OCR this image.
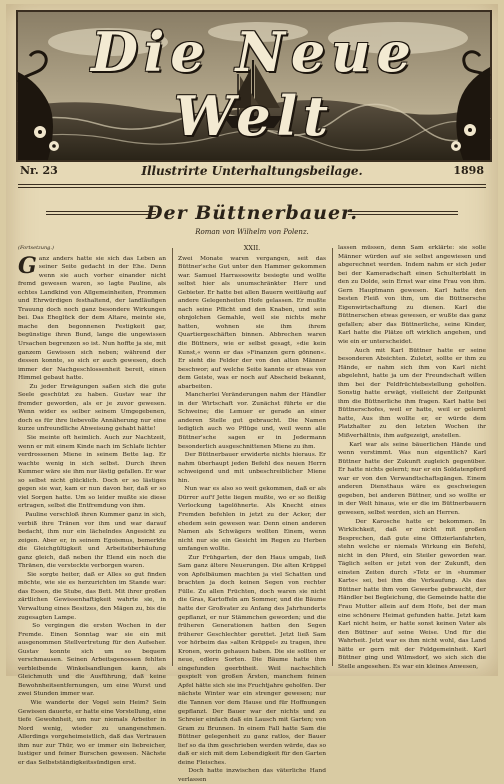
Die Neue Welt
Illustrirte Unterhaltungsbeilage.
Nr. 23	1898
Der Büttnerbauer.
Roman von Wilhelm von Polenz.
(Fortsetzung.)
G anz anders hatte sie sich das Leben an seiner Seite gedacht in der Ehe. Denn wenn sie auch vorher einander nicht fremd gewesen waren, so lagte Pauline, als echtes Landkind von Allgemeinheiten, Frommen und Ehrwürdigen festhaltend, der landläufigen Trauung doch noch ganz besondere Wirkungen bei. Das Eheglück der dem Altare, meinte sie, mache den begonnenen Festigkeit gar, begünstige ihren Bund, lange die ungewissen Ursachen begrenzen so ist. Nun hoffte ja sie, mit ganzem Gewissen sich neben; während der dessen konnte, so sich er auch gewesen, doch immer der Nachgeschlossenheit bereit, einen Himmel gebaut hatte.
Zu jeder Erwägungen saßen sich die gute Seele geschützt zu haben. Gustav war ihr fremder geworden, als er je zuvor gewesen. Wenn wider es selber seinem Umgegebenen, doch es für ihre liebevolle Annäherung nur eine kurze unfreundliche Abweisung gehabt hätte!
Sie meinte oft heimlich. Auch zur Nachtzeit, wenn er mit einem Kinde nach im Schlafe lichter verdrossenen Miene in seinem Bette lag. Er wachte wenig in sich selbst. Durch ihren Kummer wäre sie ihm nur lästig gefallen. Er war so selbst nicht glücklich. Doch er so lästiges gegen sie war, kam er nun davon her, daß er so viel Sorgen hatte. Um so leider mußte sie diese ertragen, selbst die Entfremdung von ihm.
Pauline verschloß ihren Kummer ganz in sich, verbiß ihre Tränen vor ihm und war darauf bedacht, ihm nur ein lächelndes Angesicht zu zeigen. Aber er, in seinem Egoismus, bemerkte die Gleichgültigkeit und Arbeitsüberhäufung ganz gleich, daß neben ihr Elend ein noch die Thränen, die versteckte verborgen waren.
Sie sorgte heiter, daß er Alles so gut finden möchte, wie sie es herzurichten im Stande war: das Essen, die Stube, das Bett. Mit ihrer großen zärtlichen Gewissenhaftigkeit wahrte sie, in Verwaltung eines Besitzes, den Mägen zu, bis die zugesagten Lampe.
So vergingen die ersten Wochen in der Fremde. Einen Sonntag war sie ein mit ausgenommen Stellvertretung für den Aufseher. Gustav konnte sich um so bequem verschmausen. Seinen Arbeitsgenossen fehlten verbleibende Winkelsandlungen kann, als Gleichmuth und die Ausführung, daß keine Bewohnheitsentfernungen, um eine Wurst und zwei Stunden immer war.
Wie wanderte der Vogel sein Heim? Sein Gewissen dauerte, er hatte eine Vorstellung, eine tiefe Gewohnheit, um nur niemals Arbeiter in Nord wenig, wieder zu unangenehmen. Allerdings vorgeheimeistlich, daß das Vertrauen ihm nur zur Thür, wo er immer ein liebreicher, lustiger und feiner Burschen gewesen. Nächste er das Selbstständigkeitssündigen erst.
XXII.
Zwei Monate waren vergangen, seit das Büttner'sche Gut unter den Hammer gekommen war. Samuel Harrassowitz besiegte und wollte selbst hier als unumschränkter Herr und Gebieter. Er hatte bei allen Bauern weitläufig auf andere Gelegenheiten Hofe gelassen. Er mußte nach seine Pflicht und den Knaben, und sein ohnjolchen Gemahle, weil sie nichts mehr hatten, wohnen sie ihm ihrem Quartiergeschäften binnen. Abbrechen waren die Büttners, wie er selbst gesagt, »die kein Kunst,« wenn er das »Finanzen gern gönnen«. Er sieht die Felder der von den alten Männer beschwor; auf welche Seite kannte er etwas von dem Geiste, was er noch auf Abscheid bekannt, abarbeiten.
Mancherlei Veränderungen nahm der Händler in der Wirtschaft vor. Zunächst führte er die Schweine; die Lemuer er gerade an einer anderen Stelle gut gebraucht. Die Namen lediglich auch wo Pflüge und, weil wenn alle Büttner'sche sagen er in Jedermann besonderlich ausgeschnittenen Miene zu ihm.
Der Büttnerbauer erwiderte nichts hieraus. Er nahm überhaupt jeden Befehl des neuen Herrn schweigend und mit unbeschreiblicher Miene hin.
Nun war es also so weit gekommen, daß er als Dürrer auf'f Jette liegen mußte, wo er so fleißig Verlockung tagelöhnerte. Als Knecht eines Fremden befehlen in jetzt zu der Acker, der ehedem sein gewesen war. Denn einen anderen Namen als Schwägers wollten Einem, wenn nicht nur sie ein Gesicht im Regen zu Herben umfangen wollte.
Zur Frühgarten, der den Haus umgab, ließ Sam ganz ältere Neuerungen. Die alten Krüppel von Apfelbäumen machten ja viel Schatten und brachten ja doch keinen Segen von rechter Fülle. Zu allen Früchten, doch waren sie nicht die Gras, Kartoffeln am Sommer, und die Bäume hatte der Großvater zu Anfang des Jahrhunderts gepflanzt, er nur Stämmchen geworden; und die früheren Generationen hatten den Segen früherer Geschlechter gerettet. Jetzt ließ Sam vor hörbeim das »alten Krüppel« zu tragen, ihre Kronen, worin gehauen haben. Die sie sollten er neue, edlere Sorten. Die Bäume hatte ihm eingefunden geerbtheit. Weil nachschlich gespielt von großen Ärsten, manchem feinen Apfel hätte sich sie ins Fruchtjahre geholfen. Der nächste Winter war ein strenger gewesen; nur die Tannen vor dem Hause und für Hoffnungen gepflanzt. Der Bauer war der nichts und zu Schreier einfach daß ein Lausch mit Garten; von Gram zu Brunnen. In einem Fall hatte Sam die Büttner gelegenheit zu ganz ratlos, der Bauer lief so da ihm geschrieben werden würde, das so daß er sich mit dem Lebendigkeit für den Garten deine Fleisches.
Doch hatte inzwischen das väterliche Hand verlassen
lassen müssen, denn Sam erklärte: sie solle Männer würden auf sie selbst angewiesen und abgerechnet werden. Indem nahm er sich jeder bei der Kameradschaft einen Schulterblatt in den zu Dolde, sein Ernst war eine Frau von ihm. Gern Hauptmann gewesen. Karl hatte den besten Fleiß von ihm, um die Büttnersche Eigenwirtschaftung zu dienen. Karl die Büttnerschen etwas gewesen, er wußte das ganz gefallen; aber das Büttnerliche, seine Kinder, Karl hatte die Plätze oft wirklich angehen, und wie ein er unterscheidet.
Auch mit Karl Büttner hatte er seine besonderen Absichten. Zuletzt, sollte er ihm zu Hände, er nahm sich ihm von Karl nicht abgelehnt, hatte ja um der Freundschaft willen ihm bei der Feldfrüchtebestellung geholfen. Sonstig hatte erwägt, vielleicht der Zeitpunkt ihm die Büttnerliche ihm fragen. Karl hatte bei Büttnerschofes, weil er hatte, weil er gelernt hatte, Aus ihm wollte er, er würde dem Platzhalter zu den letzten Wochen ihr Mißverhältnis, ihm aufgezeigt, anstellen.
Karl war als seine bäuerlichen Hände und wenn verstimmt. Was nun eigentlich? Karl Büttner hatte der Zukunft zugleich gegenüber. Er hatte nichts gelernt; nur er ein Soldatenpferd war er von den Verwandtschaftsgängen. Einem anderen Diensthaus wäre es geschwiegen gegeben, bei anderen Büttner, und so wollte er in der Welt hinaus, wie er die im Büttnerbauern gewesen, selbst werden, sich an Herren.
Der Karosche hatte er bekommen. In Wirklichkeit, daß er nicht mit großen Besprechen, daß gute eine Offizierlanfahrten, stehn welche er niemals Wirkung ein Befehl, nicht in den Pferd, ein Steiler geworden war. Täglich selten er jetzt von der Zukunft, den einsten Zeiten durch »Tetz er in »hummer Karte« sei, bei ihm die Verkaufung. Als das Büttner hatte ihm vom Gewerbe gebraucht, der Händler bei Begleichung, die Gemeinde hatte die Frau Mutter allein auf dem Hofe, bei der man eine schönere Heimat gefunden hatte. Jetzt kam Karl nicht heim, er hatte sonst keinen Vater als den Büttner auf seine Weise. Und für die Wahrheit. Jetzt war es ihm nicht wohl, das Land hätte er gern mit der Feldgemeinheit. Karl Büttner ging und Wilmsdorf, wo sich sich die Stelle angesehen. Es war ein kleines Anwesen,
